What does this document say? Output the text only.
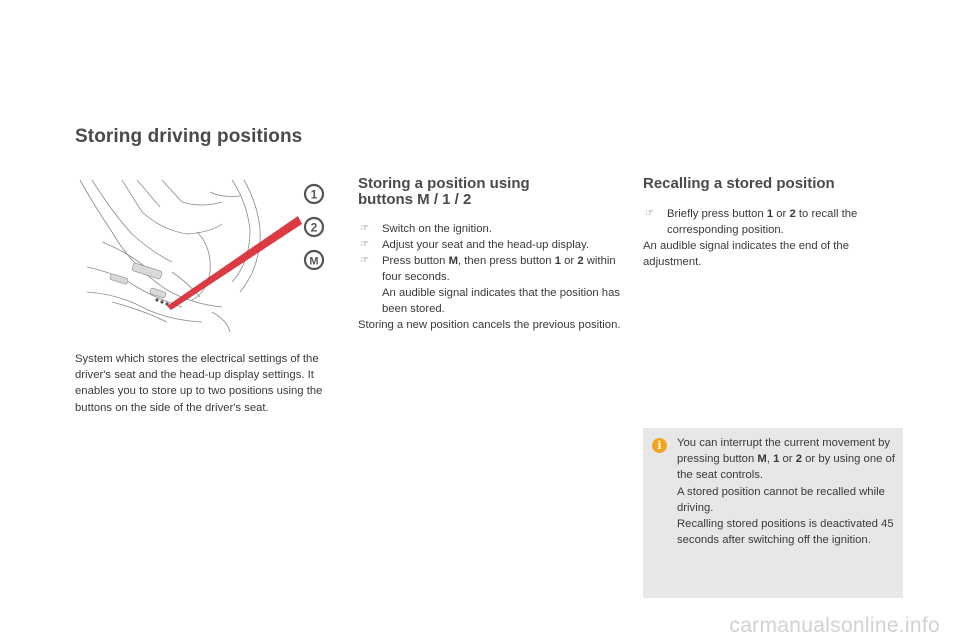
Storing driving positions
1
2
M

System which stores the electrical settings of the driver's seat and the head-up display settings. It enables you to store up to two positions using the buttons on the side of the driver's seat.

Storing a position using
buttons M / 1 / 2
☞
Switch on the ignition.
☞
Adjust your seat and the head-up display.
☞
Press button M, then press button 1 or 2 within four seconds.
An audible signal indicates that the position has been stored.

Storing a new position cancels the previous position.

Recalling a stored position
☞
Briefly press button 1 or 2 to recall the corresponding position.

An audible signal indicates the end of the adjustment.

i	You can interrupt the current movement by pressing button M, 1 or 2 or by using one of the seat controls.
A stored position cannot be recalled while driving.
Recalling stored positions is deactivated 45 seconds after switching off the ignition.

carmanualsonline.info
